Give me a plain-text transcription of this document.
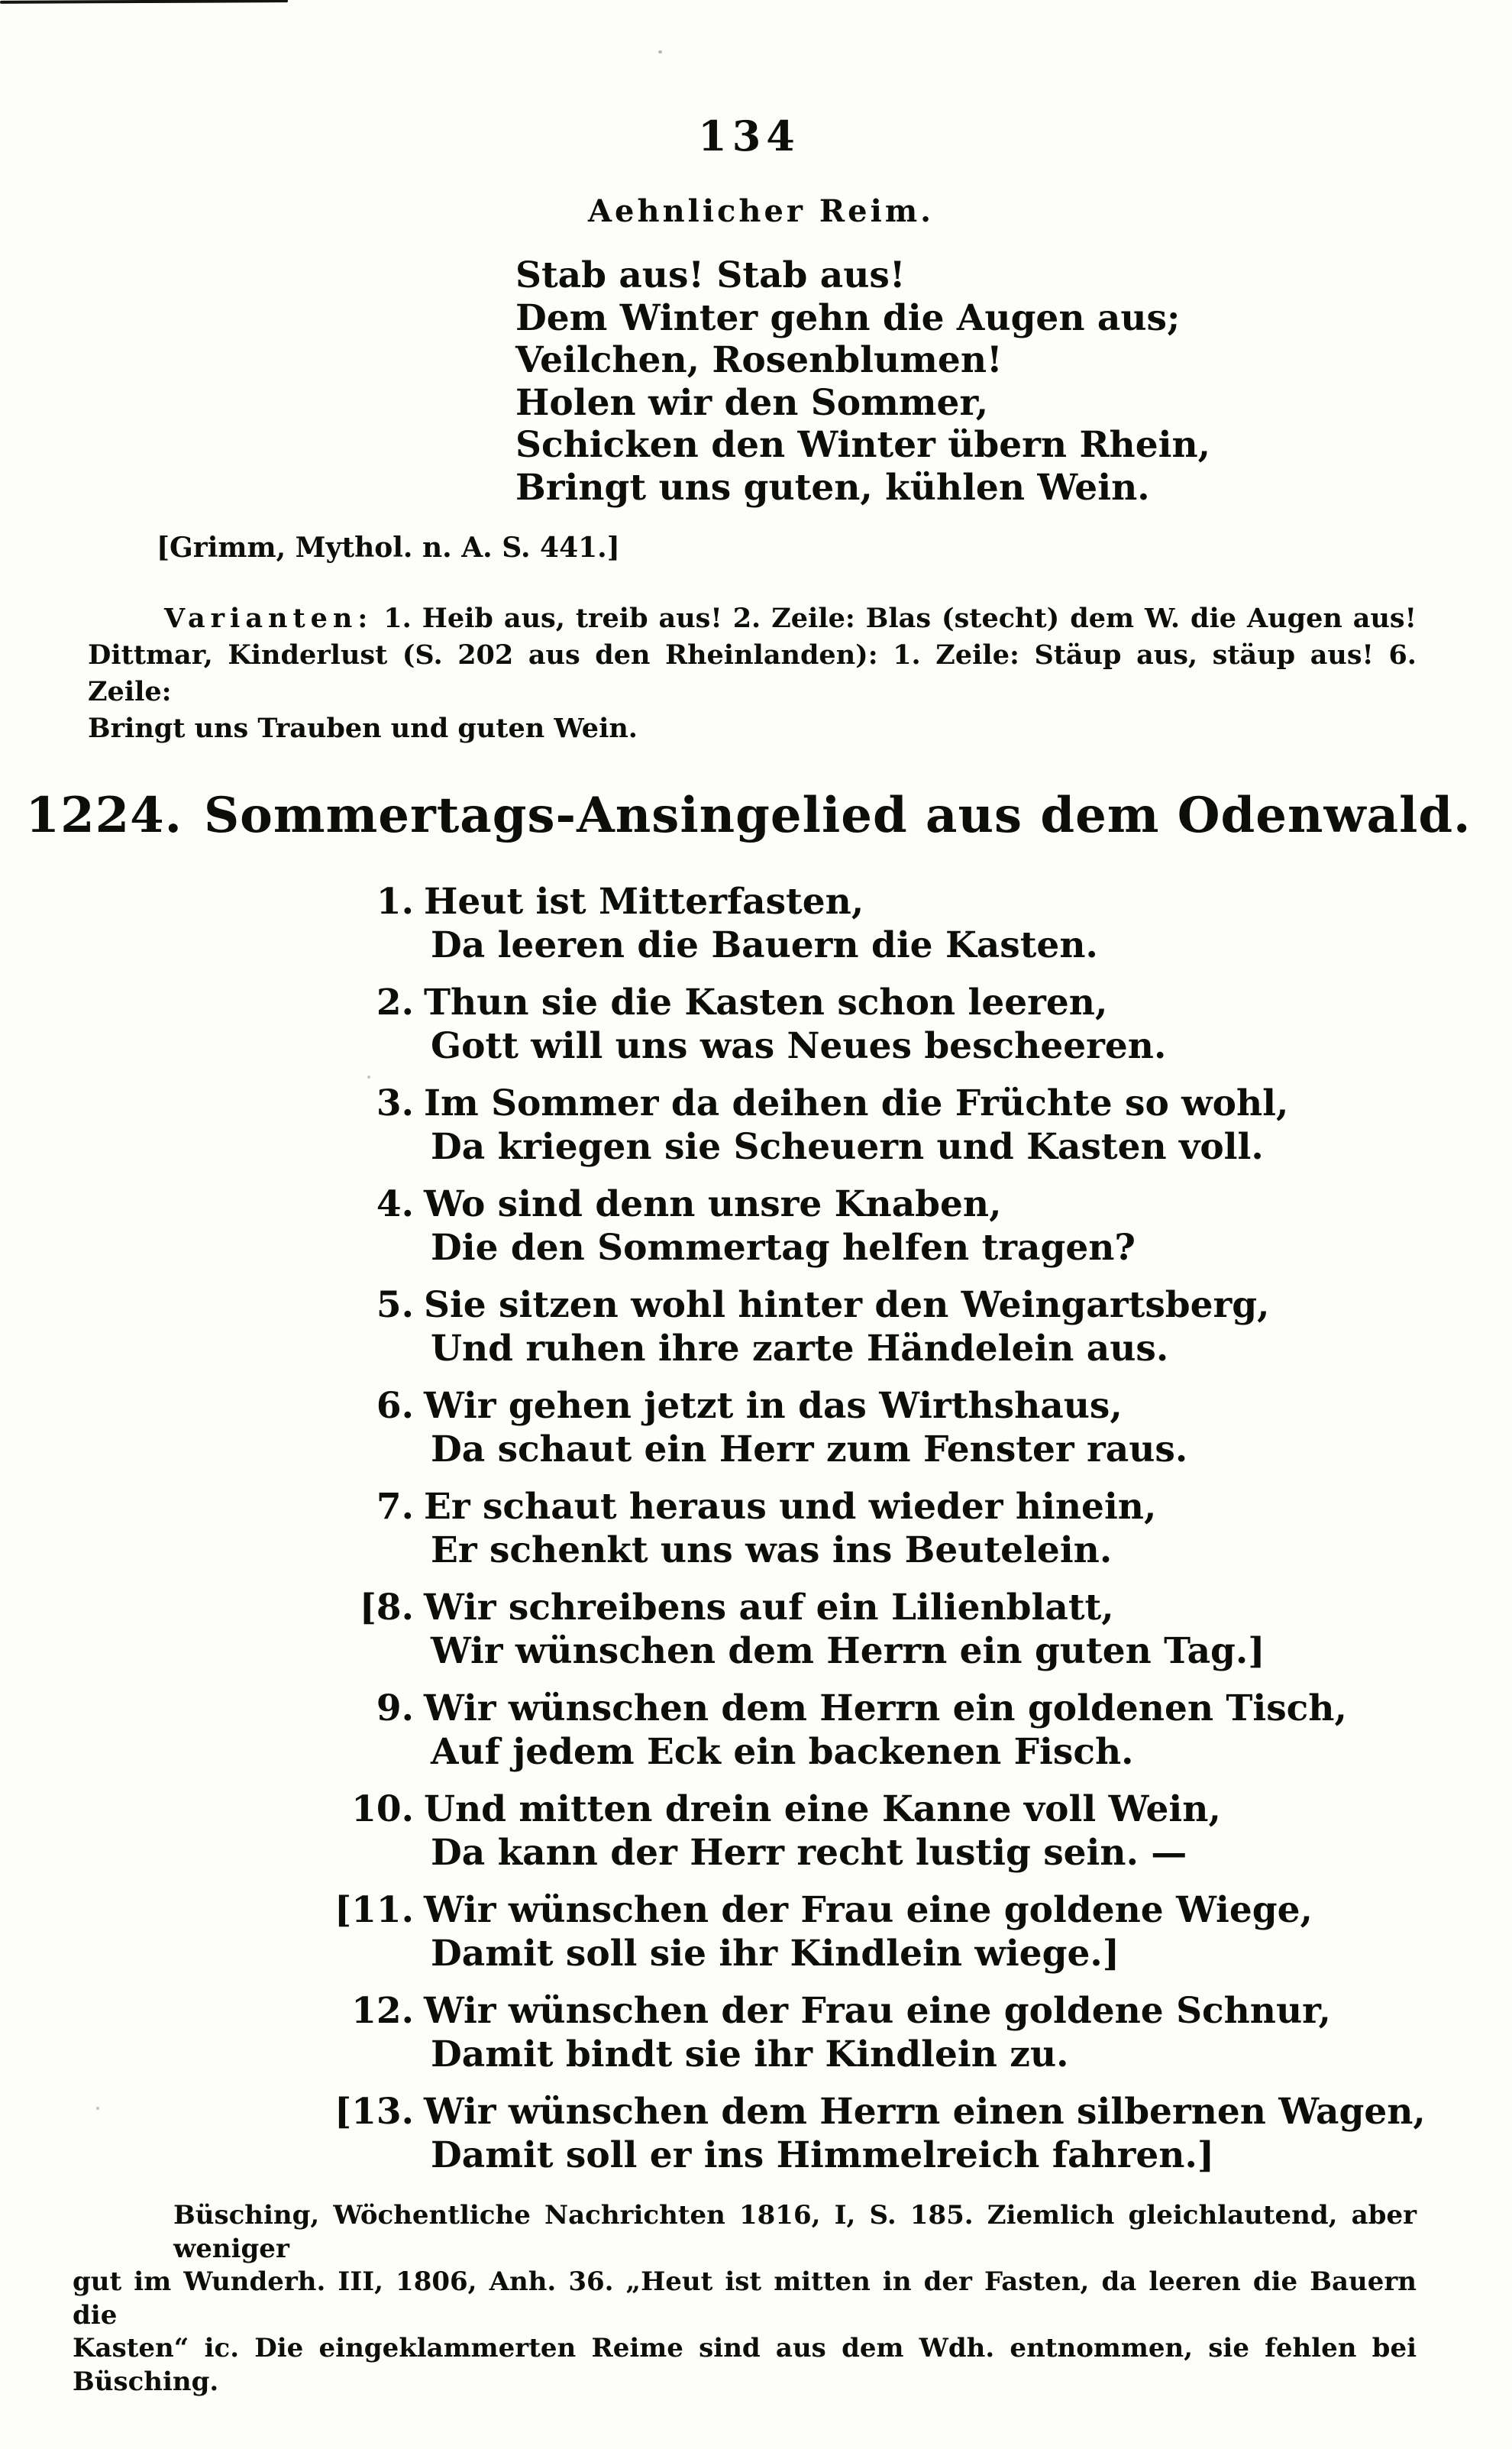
134
Aehnlicher Reim.
Stab aus! Stab aus!
Dem Winter gehn die Augen aus;
Veilchen, Rosenblumen!
Holen wir den Sommer,
Schicken den Winter übern Rhein,
Bringt uns guten, kühlen Wein.
[Grimm, Mythol. n. A. S. 441.]
Varianten: 1. Heib aus, treib aus! 2. Zeile: Blas (stecht) dem W. die Augen aus!
Dittmar, Kinderlust (S. 202 aus den Rheinlanden): 1. Zeile: Stäup aus, stäup aus! 6. Zeile:
Bringt uns Trauben und guten Wein.
1224. Sommertags-Ansingelied aus dem Odenwald.
1. Heut ist Mitterfasten,
Da leeren die Bauern die Kasten.
2. Thun sie die Kasten schon leeren,
Gott will uns was Neues bescheeren.
3. Im Sommer da deihen die Früchte so wohl,
Da kriegen sie Scheuern und Kasten voll.
4. Wo sind denn unsre Knaben,
Die den Sommertag helfen tragen?
5. Sie sitzen wohl hinter den Weingartsberg,
Und ruhen ihre zarte Händelein aus.
6. Wir gehen jetzt in das Wirthshaus,
Da schaut ein Herr zum Fenster raus.
7. Er schaut heraus und wieder hinein,
Er schenkt uns was ins Beutelein.
[8. Wir schreibens auf ein Lilienblatt,
Wir wünschen dem Herrn ein guten Tag.]
9. Wir wünschen dem Herrn ein goldenen Tisch,
Auf jedem Eck ein backenen Fisch.
10. Und mitten drein eine Kanne voll Wein,
Da kann der Herr recht lustig sein. —
[11. Wir wünschen der Frau eine goldene Wiege,
Damit soll sie ihr Kindlein wiege.]
12. Wir wünschen der Frau eine goldene Schnur,
Damit bindt sie ihr Kindlein zu.
[13. Wir wünschen dem Herrn einen silbernen Wagen,
Damit soll er ins Himmelreich fahren.]
Büsching, Wöchentliche Nachrichten 1816, I, S. 185. Ziemlich gleichlautend, aber weniger
gut im Wunderh. III, 1806, Anh. 36. „Heut ist mitten in der Fasten, da leeren die Bauern die
Kasten“ ic. Die eingeklammerten Reime sind aus dem Wdh. entnommen, sie fehlen bei Büsching.
